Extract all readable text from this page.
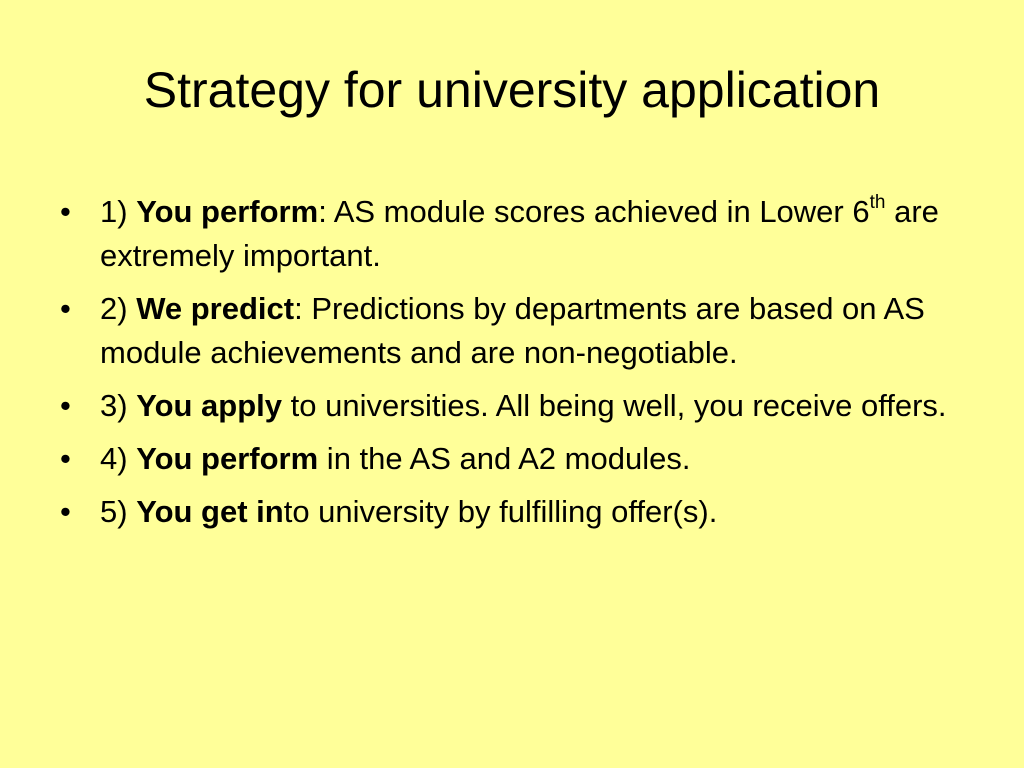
Strategy for university application
• 1) You perform: AS module scores achieved in Lower 6th are extremely important.
• 2) We predict: Predictions by departments are based on AS module achievements and are non-negotiable.
• 3) You apply to universities. All being well, you receive offers.
• 4) You perform in the AS and A2 modules.
• 5) You get into university by fulfilling offer(s).
